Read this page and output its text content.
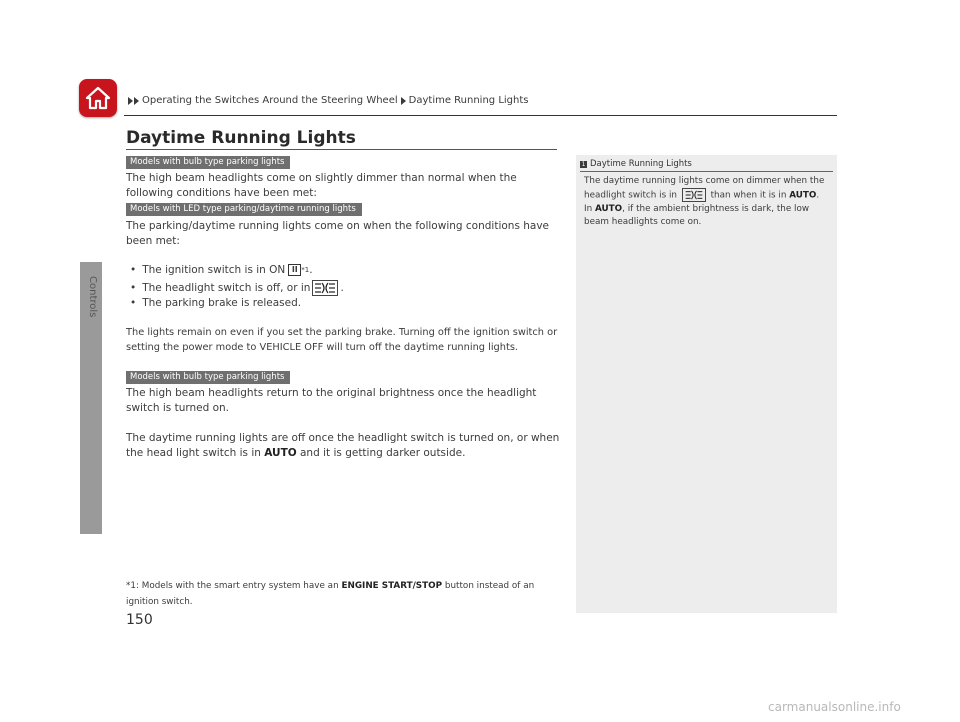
Operating the Switches Around the Steering Wheel Daytime Running Lights
Controls
Daytime Running Lights
Models with bulb type parking lights
The high beam headlights come on slightly dimmer than normal when the following conditions have been met:
Models with LED type parking/daytime running lights
The parking/daytime running lights come on when the following conditions have been met:
• The ignition switch is in ON II *1 .
• The headlight switch is off, or in	.
• The parking brake is released.
The lights remain on even if you set the parking brake. Turning off the ignition switch or setting the power mode to VEHICLE OFF will turn off the daytime running lights.
Models with bulb type parking lights
The high beam headlights return to the original brightness once the headlight switch is turned on.
The daytime running lights are off once the headlight switch is turned on, or when the head light switch is in AUTO and it is getting darker outside.
*1: Models with the smart entry system have an ENGINE START/STOP button instead of an ignition switch.
1 Daytime Running Lights
The daytime running lights come on dimmer when the headlight switch is in	than when it is in AUTO. In AUTO, if the ambient brightness is dark, the low beam headlights come on.
150
carmanualsonline.info
